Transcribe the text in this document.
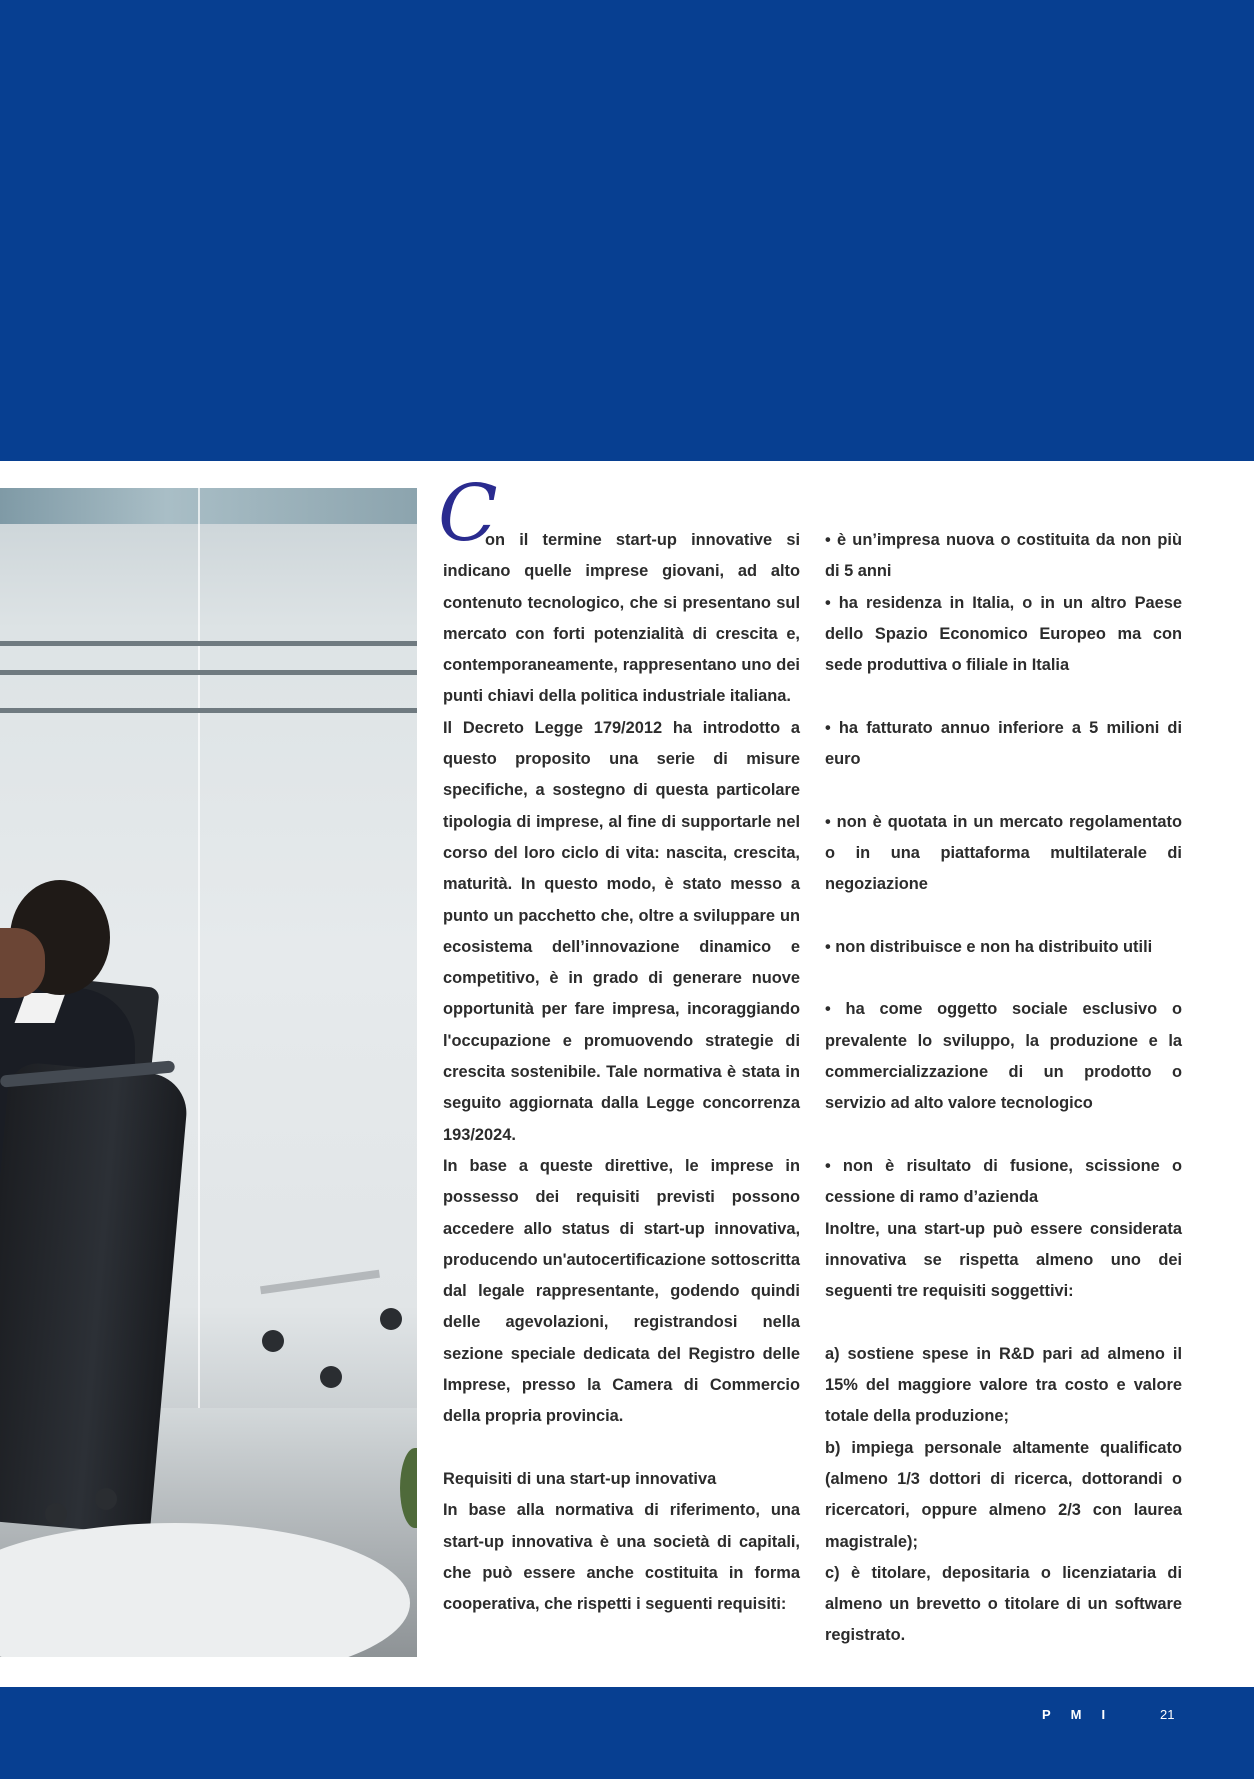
C

on il termine start-up innovative si indicano quelle imprese giovani, ad alto contenuto tecnologico, che si presentano sul mercato con forti potenzialità di crescita e, contemporaneamente, rappresentano uno dei punti chiavi della politica industriale italiana.

Il Decreto Legge 179/2012 ha introdotto a questo proposito una serie di misure specifiche, a sostegno di questa particolare tipologia di imprese, al fine di supportarle nel corso del loro ciclo di vita: nascita, crescita, maturità. In questo modo, è stato messo a punto un pacchetto che, oltre a sviluppare un ecosistema dell’innovazione dinamico e competitivo, è in grado di generare nuove opportunità per fare impresa, incoraggiando l'occupazione e promuovendo strategie di crescita sostenibile. Tale normativa è stata in seguito aggiornata dalla Legge concorrenza 193/2024.

In base a queste direttive, le imprese in possesso dei requisiti previsti possono accedere allo status di start-up innovativa, producendo un'autocertificazione sottoscritta dal legale rappresentante, godendo quindi delle agevolazioni, registrandosi nella sezione speciale dedicata del Registro delle Imprese, presso la Camera di Commercio della propria provincia.

Requisiti di una start-up innovativa

In base alla normativa di riferimento, una start-up innovativa è una società di capitali, che può essere anche costituita in forma cooperativa, che rispetti i seguenti requisiti:

• è un’impresa nuova o costituita da non più di 5 anni

• ha residenza in Italia, o in un altro Paese dello Spazio Economico Europeo ma con sede produttiva o filiale in Italia

• ha fatturato annuo inferiore a 5 milioni di euro

• non è quotata in un mercato regolamentato o in una piattaforma multilaterale di negoziazione

• non distribuisce e non ha distribuito utili

• ha come oggetto sociale esclusivo o prevalente lo sviluppo, la produzione e la commercializzazione di un prodotto o servizio ad alto valore tecnologico

• non è risultato di fusione, scissione o cessione di ramo d’azienda

Inoltre, una start-up può essere considerata innovativa se rispetta almeno uno dei seguenti tre requisiti soggettivi:

a) sostiene spese in R&D pari ad almeno il 15% del maggiore valore tra costo e valore totale della produzione;

b) impiega personale altamente qualificato (almeno 1/3 dottori di ricerca, dottorandi o ricercatori, oppure almeno 2/3 con laurea magistrale);

c) è titolare, depositaria o licenziataria di almeno un brevetto o titolare di un software registrato.

PMI	21
